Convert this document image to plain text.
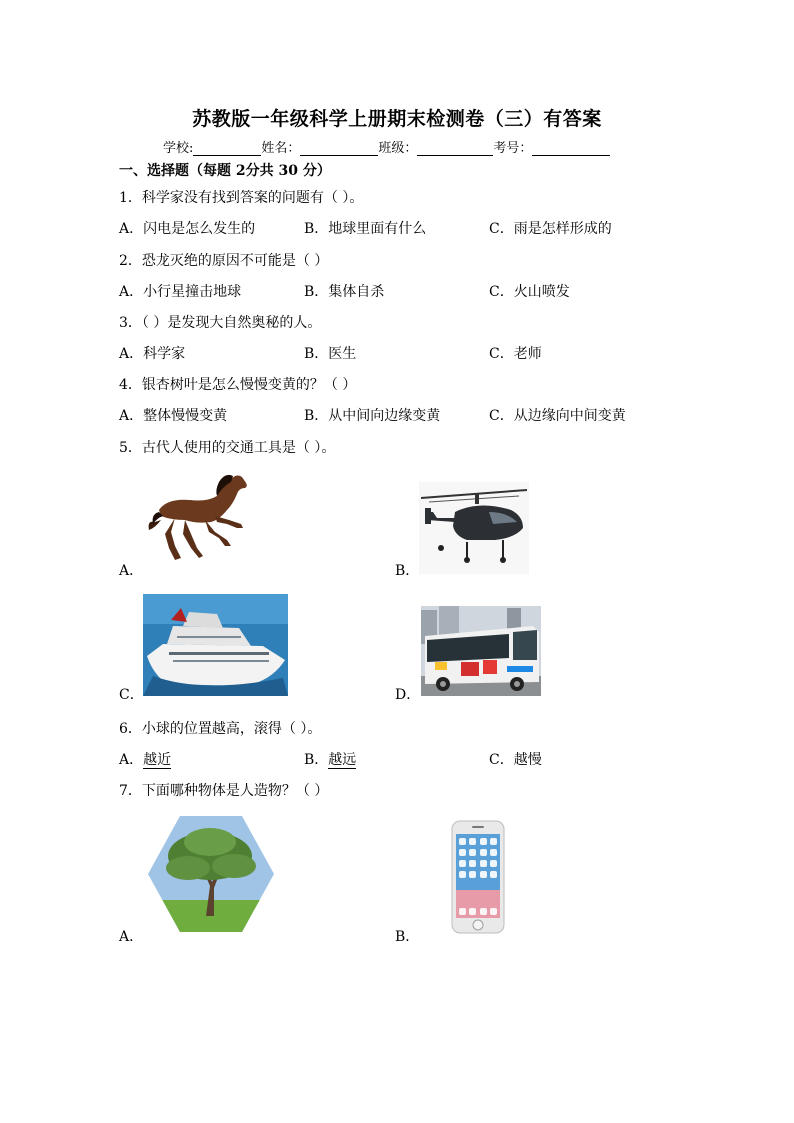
苏教版一年级科学上册期末检测卷（三）有答案
学校:	姓名：	班级：	考号：
一、选择题（每题 2分共 30 分）
1．科学家没有找到答案的问题有（ ）。
A．闪电是怎么发生的	B．地球里面有什么	C．雨是怎样形成的
2．恐龙灭绝的原因不可能是（ ）
A．小行星撞击地球	B．集体自杀	C．火山喷发
3．（ ）是发现大自然奥秘的人。
A．科学家	B．医生	C．老师
4．银杏树叶是怎么慢慢变黄的？（ ）
A．整体慢慢变黄	B．从中间向边缘变黄	C．从边缘向中间变黄
5．古代人使用的交通工具是（ ）。
A．	B．
C．	D．
6．小球的位置越高，滚得（ ）。
A．越近	B．越远	C．越慢
7．下面哪种物体是人造物？（ ）
A．	B．
